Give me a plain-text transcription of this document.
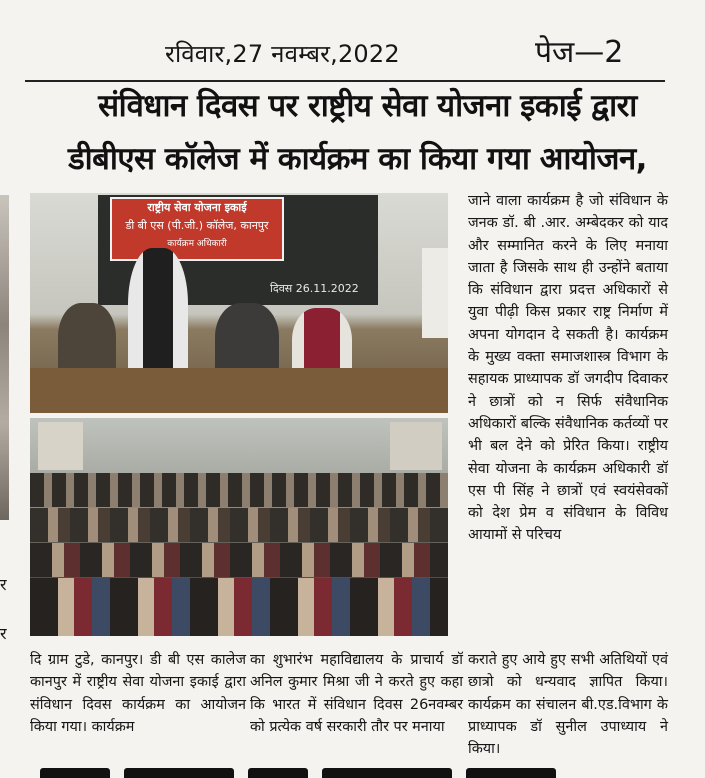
रविवार,27 नवम्बर,2022	पेज—2
संविधान दिवस पर राष्ट्रीय सेवा योजना इकाई द्वारा
डीबीएस कॉलेज में कार्यक्रम का किया गया आयोजन,
र
र
राष्ट्रीय सेवा योजना इकाई
डी बी एस (पी.जी.) कॉलेज, कानपुर
कार्यक्रम अधिकारी
दिवस 26.11.2022

जाने वाला कार्यक्रम है जो संविधान के जनक डॉ. बी .आर. अम्बेदकर को याद और सम्मानित करने के लिए मनाया जाता है जिसके साथ ही उन्होंने बताया कि संविधान द्वारा प्रदत्त अधिकारों से युवा पीढ़ी किस प्रकार राष्ट्र निर्माण में अपना योगदान दे सकती है। कार्यक्रम के मुख्य वक्ता समाजशास्त्र विभाग के सहायक प्राध्यापक डॉ जगदीप दिवाकर ने छात्रों को न सिर्फ संवैधानिक अधिकारों बल्कि संवैधानिक कर्तव्यों पर भी बल देने को प्रेरित किया। राष्ट्रीय सेवा योजना के कार्यक्रम अधिकारी डॉ एस पी सिंह ने छात्रों एवं स्वयंसेवकों को देश प्रेम व संविधान के विविध आयामों से परिचय

दि ग्राम टुडे, कानपुर। डी बी एस कालेज कानपुर में राष्ट्रीय सेवा योजना इकाई द्वारा संविधान दिवस कार्यक्रम का आयोजन किया गया। कार्यक्रम

का शुभारंभ महाविद्यालय के प्राचार्य डॉ अनिल कुमार मिश्रा जी ने करते हुए कहा कि भारत में संविधान दिवस 26नवम्बर को प्रत्येक वर्ष सरकारी तौर पर मनाया

कराते हुए आये हुए सभी अतिथियों एवं छात्रो को धन्यवाद ज्ञापित किया। कार्यक्रम का संचालन बी.एड.विभाग के प्राध्यापक डॉ सुनील उपाध्याय ने किया।
